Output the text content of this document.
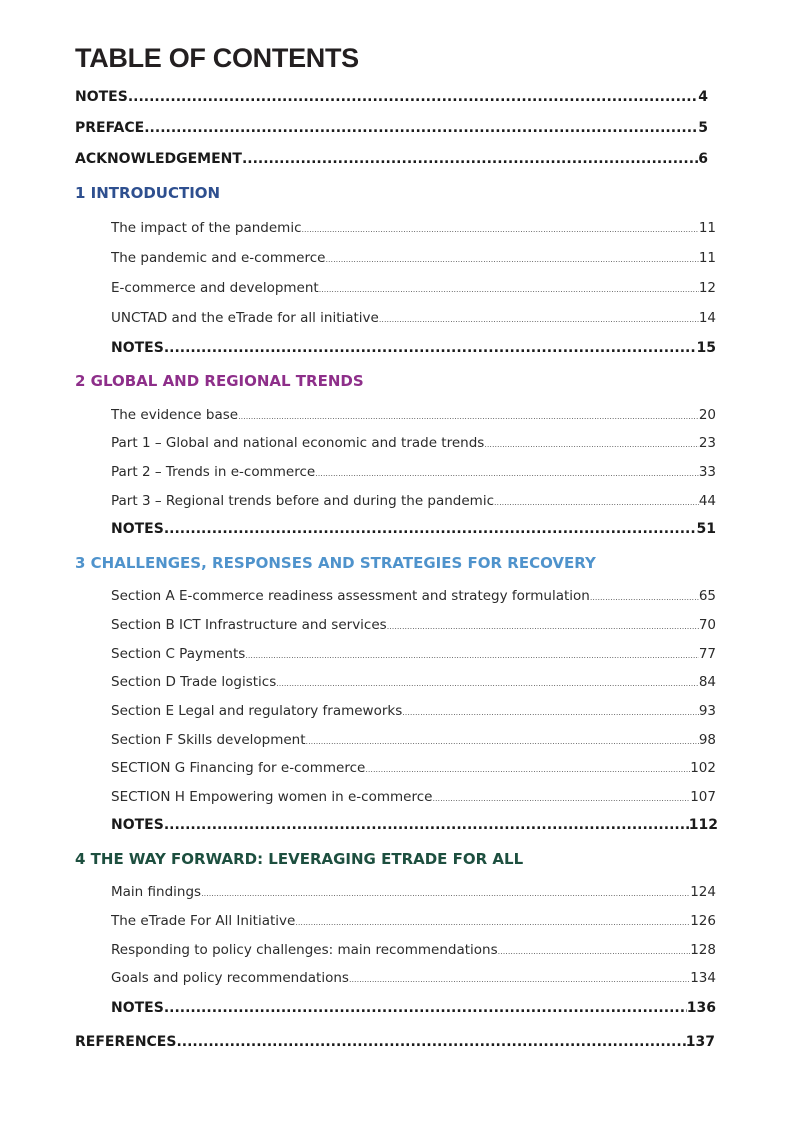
TABLE OF CONTENTS
NOTES .....	4
PREFACE .....	5
ACKNOWLEDGEMENT .....	6
1 INTRODUCTION
The impact of the pandemic .....	11
The pandemic and e-commerce .....	11
E-commerce and development .....	12
UNCTAD and the eTrade for all initiative .....	14
NOTES .....	15
2 GLOBAL AND REGIONAL TRENDS
The evidence base .....	20
Part 1 – Global and national economic and trade trends .....	23
Part 2 – Trends in e-commerce .....	33
Part 3 – Regional trends before and during the pandemic .....	44
NOTES .....	51
3 CHALLENGES, RESPONSES AND STRATEGIES FOR RECOVERY
Section A E-commerce readiness assessment and strategy formulation .....	65
Section B ICT Infrastructure and services .....	70
Section C Payments .....	77
Section D Trade logistics .....	84
Section E Legal and regulatory frameworks .....	93
Section F Skills development .....	98
SECTION G Financing for e-commerce .....	102
SECTION H Empowering women in e-commerce .....	107
NOTES .....	112
4 THE WAY FORWARD: LEVERAGING ETRADE FOR ALL
Main findings .....	124
The eTrade For All Initiative .....	126
Responding to policy challenges: main recommendations .....	128
Goals and policy recommendations .....	134
NOTES .....	136
REFERENCES .....	137
